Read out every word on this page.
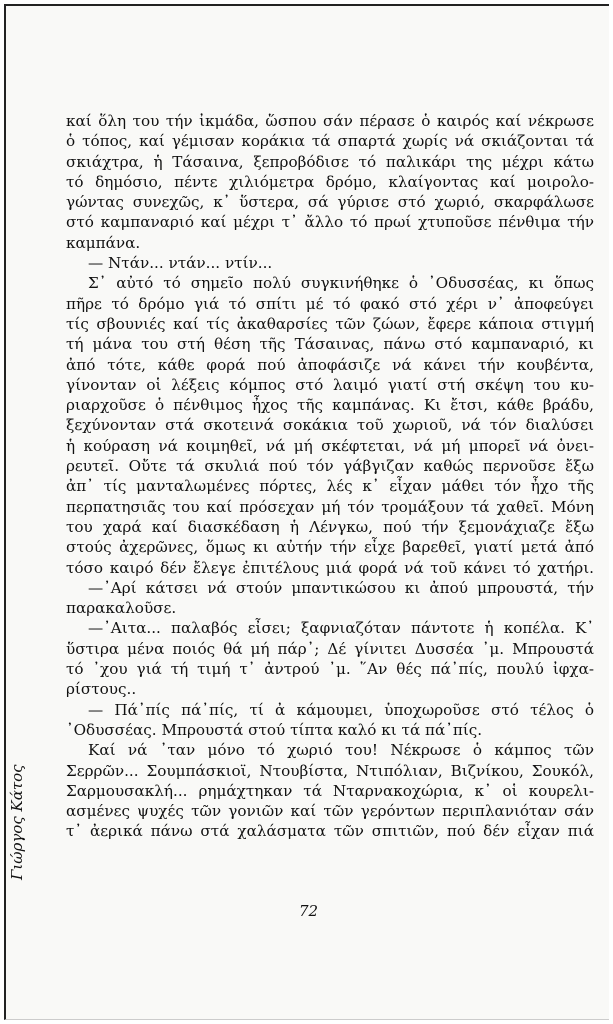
καί ὅλη του τήν ἰκμάδα, ὥσπου σάν πέρασε ὁ καιρός καί νέκρωσε
ὁ τόπος, καί γέμισαν κοράκια τά σπαρτά χωρίς νά σκιάζονται τά
σκιάχτρα, ἡ Τάσαινα, ξεπροβόδισε τό παλικάρι της μέχρι κάτω
τό δημόσιο, πέντε χιλιόμετρα δρόμο, κλαίγοντας καί μοιρολο-
γώντας συνεχῶς, κ᾽ ὕστερα, σά γύρισε στό χωριό, σκαρφάλωσε
στό καμπαναριό καί μέχρι τ᾽ ἄλλο τό πρωί χτυποῦσε πένθιμα τήν
καμπάνα.
— Ντάν... ντάν... ντίν...
Σ᾽ αὐτό τό σημεῖο πολύ συγκινήθηκε ὁ ᾽Οδυσσέας, κι ὅπως
πῆρε τό δρόμο γιά τό σπίτι μέ τό φακό στό χέρι ν᾽ ἀποφεύγει
τίς σβουνιές καί τίς ἀκαθαρσίες τῶν ζώων, ἔφερε κάποια στιγμή
τή μάνα του στή θέση τῆς Τάσαινας, πάνω στό καμπαναριό, κι
ἀπό τότε, κάθε φορά πού ἀποφάσιζε νά κάνει τήν κουβέντα,
γίνονταν οἱ λέξεις κόμπος στό λαιμό γιατί στή σκέψη του κυ-
ριαρχοῦσε ὁ πένθιμος ἦχος τῆς καμπάνας. Κι ἔτσι, κάθε βράδυ,
ξεχύνονταν στά σκοτεινά σοκάκια τοῦ χωριοῦ, νά τόν διαλύσει
ἡ κούραση νά κοιμηθεῖ, νά μή σκέφτεται, νά μή μπορεῖ νά ὀνει-
ρευτεῖ. Οὔτε τά σκυλιά πού τόν γάβγιζαν καθώς περνοῦσε ἔξω
ἀπ᾽ τίς μανταλωμένες πόρτες, λές κ᾽ εἶχαν μάθει τόν ἦχο τῆς
περπατησιᾶς του καί πρόσεχαν μή τόν τρομάξουν τά χαθεῖ. Μόνη
του χαρά καί διασκέδαση ἡ Λένγκω, πού τήν ξεμονάχιαζε ἔξω
στούς ἀχερῶνες, ὅμως κι αὐτήν τήν εἶχε βαρεθεῖ, γιατί μετά ἀπό
τόσο καιρό δέν ἔλεγε ἐπιτέλους μιά φορά νά τοῦ κάνει τό χατήρι.
—᾽Αρί κάτσει νά στούν μπαντικώσου κι ἀπού μπρουστά, τήν
παρακαλοῦσε.
—᾽Αιτα... παλαβός εἶσει; ξαφνιαζόταν πάντοτε ἡ κοπέλα. Κ᾽
ὕστιρα μένα ποιός θά μή πάρ᾽; Δέ γίνιτει Δυσσέα ᾽μ. Μπρουστά
τό ᾽χου γιά τή τιμή τ᾽ ἀντρού ᾽μ. ῞Αν θές πά᾽πίς, πουλύ ἰφχα-
ρίστους..
— Πά᾽πίς πά᾽πίς, τί ἀ κάμουμει, ὑποχωροῦσε στό τέλος ὁ
᾽Οδυσσέας. Μπρουστά στού τίπτα καλό κι τά πά᾽πίς.
Καί νά ᾽ταν μόνο τό χωριό του! Νέκρωσε ὁ κάμπος τῶν
Σερρῶν... Σουμπάσκιοϊ, Ντουβίστα, Ντιπόλιαν, Βιζνίκου, Σουκόλ,
Σαρμουσακλή... ρημάχτηκαν τά Νταρνακοχώρια, κ᾽ οἱ κουρελι-
ασμένες ψυχές τῶν γονιῶν καί τῶν γερόντων περιπλανιόταν σάν
τ᾽ ἀερικά πάνω στά χαλάσματα τῶν σπιτιῶν, πού δέν εἶχαν πιά
72
Γιώργος Κάτος
